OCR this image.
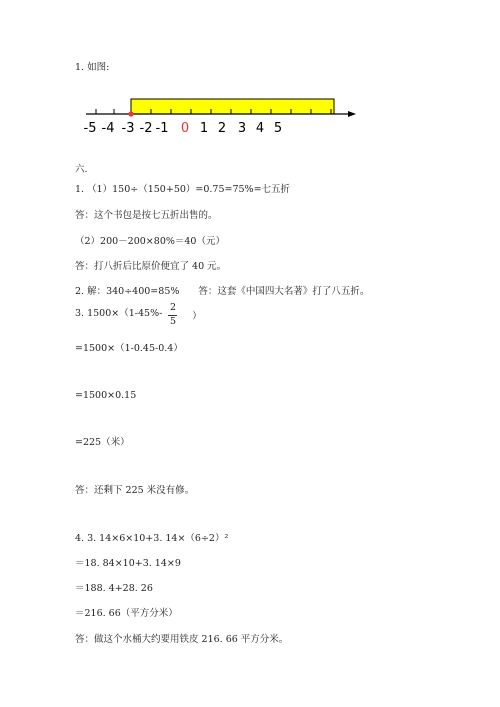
1. 如图:
-5 -4 -3 -2 -1 0 1 2 3 4 5
六.
1. （1）150÷（150+50）=0.75=75%=七五折
答：这个书包是按七五折出售的。
（2）200－200×80%＝40（元）
答：打八折后比原价便宜了 40 元。
2. 解：340÷400=85%　　答：这套《中国四大名著》打了八五折。
3. 1500×（1-45%-
2
5	）
=1500×（1-0.45-0.4）
=1500×0.15
=225（米）
答：还剩下 225 米没有修。
4. 3. 14×6×10+3. 14×（6÷2）²
＝18. 84×10+3. 14×9
＝188. 4+28. 26
＝216. 66（平方分米）
答：做这个水桶大约要用铁皮 216. 66 平方分米。
